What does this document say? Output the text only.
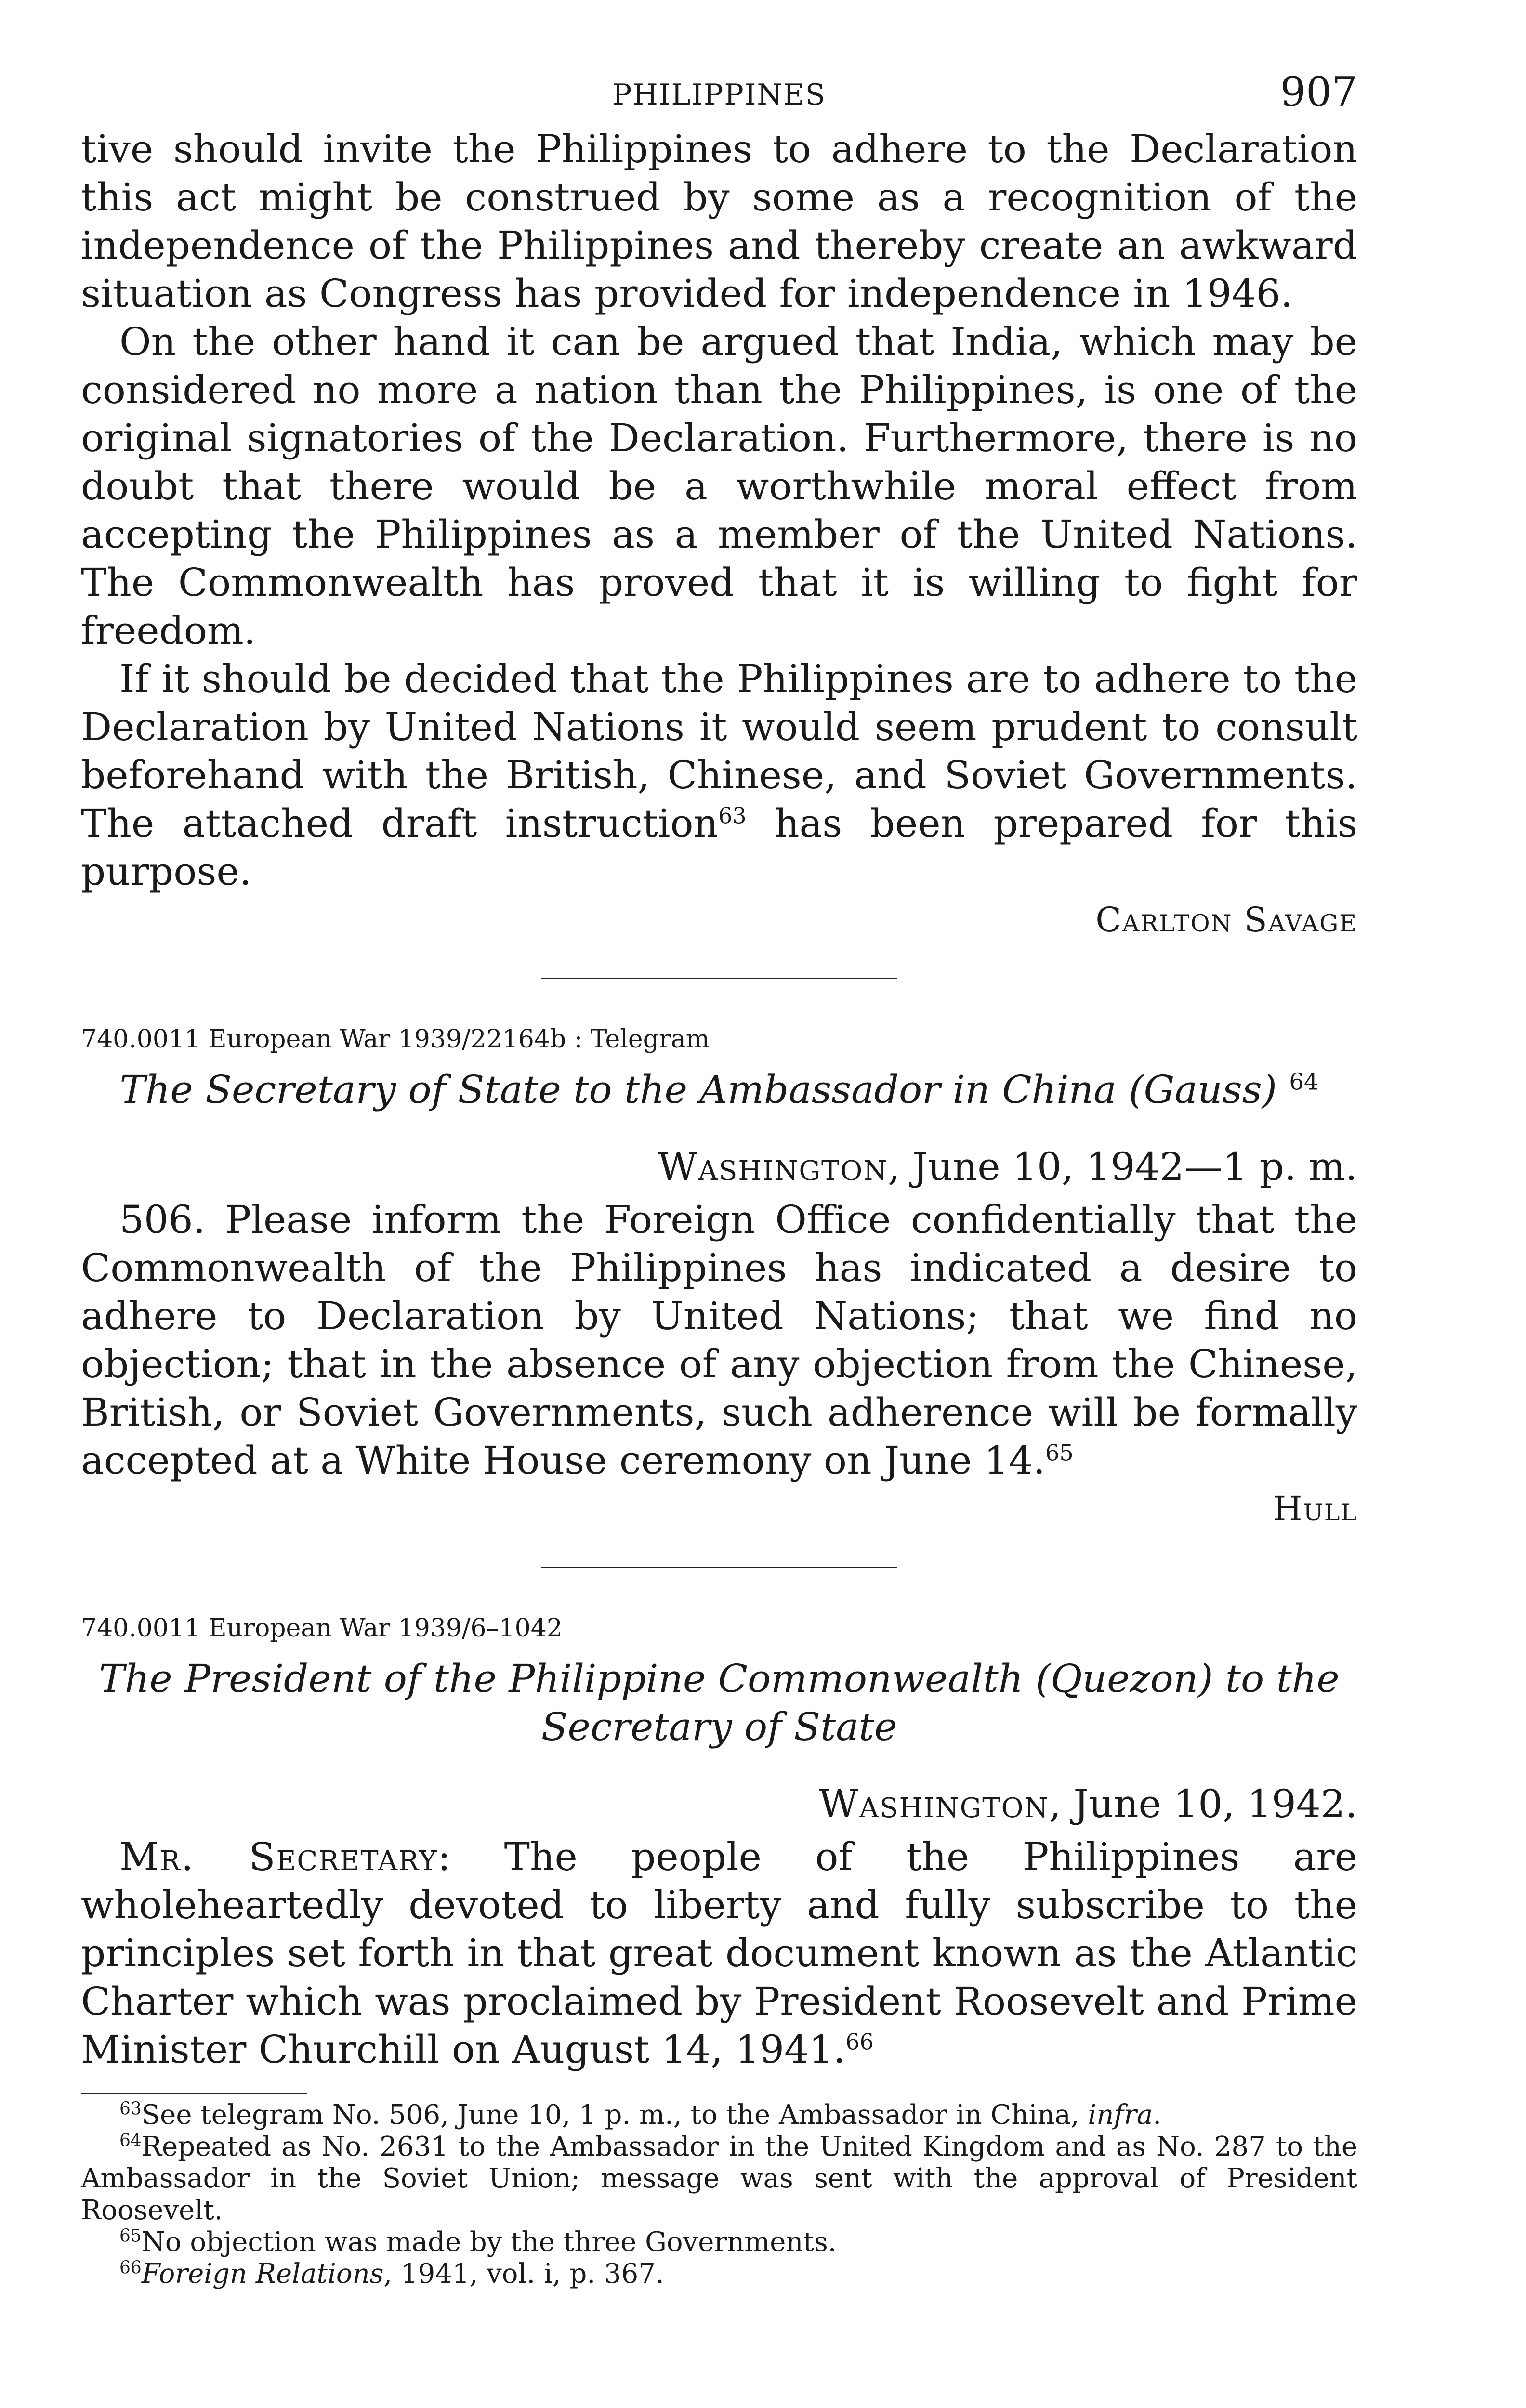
PHILIPPINES	907

tive should invite the Philippines to adhere to the Declaration this act might be construed by some as a recognition of the independence of the Philippines and thereby create an awkward situation as Congress has provided for independence in 1946.

On the other hand it can be argued that India, which may be considered no more a nation than the Philippines, is one of the original signatories of the Declaration. Furthermore, there is no doubt that there would be a worthwhile moral effect from accepting the Philippines as a member of the United Nations. The Commonwealth has proved that it is willing to fight for freedom.

If it should be decided that the Philippines are to adhere to the Declaration by United Nations it would seem prudent to consult beforehand with the British, Chinese, and Soviet Governments. The attached draft instruction$^{63}$ has been prepared for this purpose.

Carlton Savage
740.0011 European War 1939/22164b : Telegram
The Secretary of State to the Ambassador in China (Gauss) $^{64}$
Washington, June 10, 1942—1 p. m.

506. Please inform the Foreign Office confidentially that the Commonwealth of the Philippines has indicated a desire to adhere to Declaration by United Nations; that we find no objection; that in the absence of any objection from the Chinese, British, or Soviet Governments, such adherence will be formally accepted at a White House ceremony on June 14.65

Hull
740.0011 European War 1939/6–1042
The President of the Philippine Commonwealth (Quezon) to the
Secretary of State
Washington, June 10, 1942.

Mr. Secretary: The people of the Philippines are wholeheartedly devoted to liberty and fully subscribe to the principles set forth in that great document known as the Atlantic Charter which was proclaimed by President Roosevelt and Prime Minister Churchill on August 14, 1941.66

$^{63}$See telegram No. 506, June 10, 1 p. m., to the Ambassador in China, infra.

$^{64}$Repeated as No. 2631 to the Ambassador in the United Kingdom and as No. 287 to the Ambassador in the Soviet Union; message was sent with the approval of President Roosevelt.

$^{65}$No objection was made by the three Governments.

$^{66}$Foreign Relations, 1941, vol. i, p. 367.
